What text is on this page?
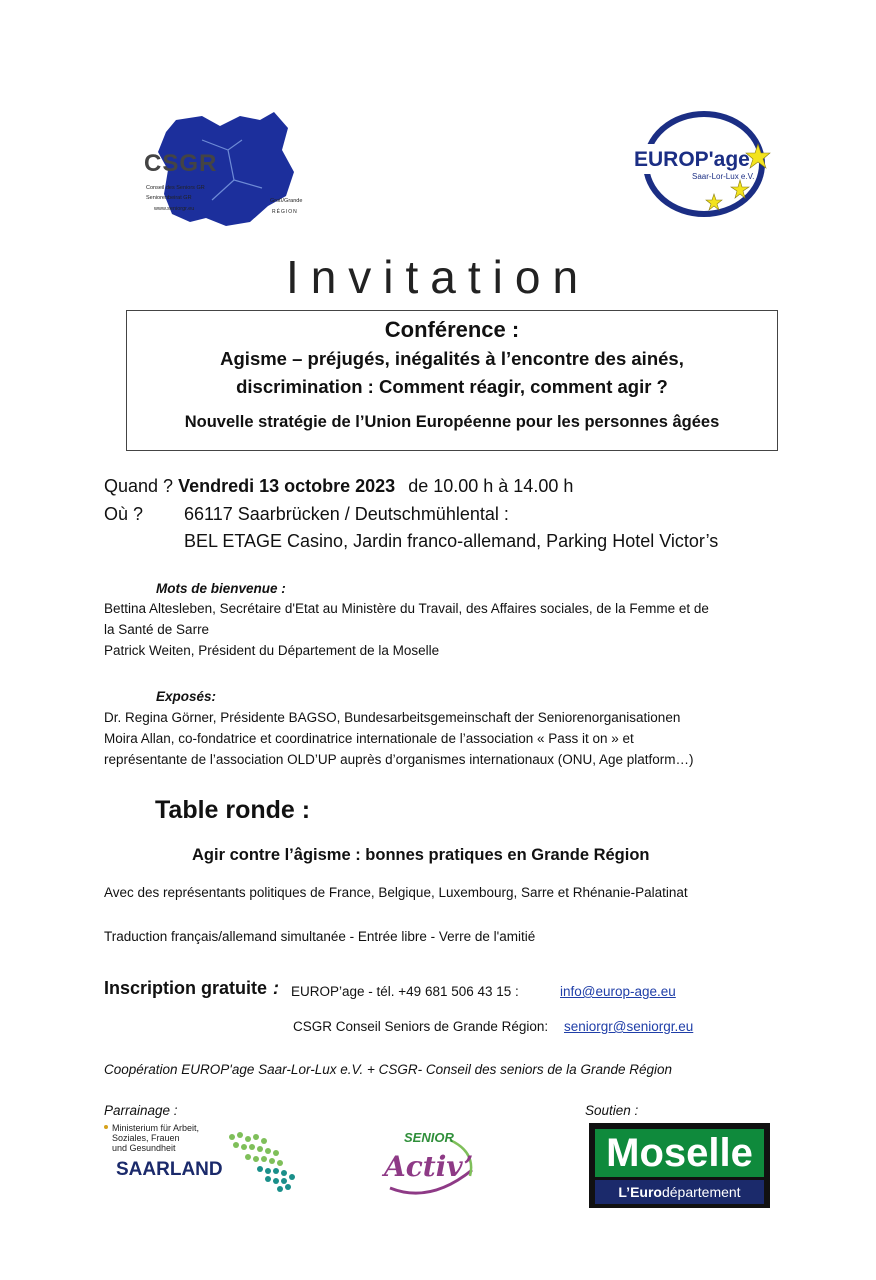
CSGR
Conseil des Seniors GR
Seniorenbeirat GR
www.seniorgr.eu
Groß/Grande
RÉGION
EUROP'age
Saar-Lor-Lux e.V.
Invitation
Conférence :
Agisme – préjugés, inégalités à l’encontre des ainés,
discrimination : Comment réagir, comment agir ?
Nouvelle stratégie de l’Union Européenne pour les personnes âgées
Quand ? Vendredi 13 octobre 2023 de 10.00 h à 14.00 h
Où ? 66117 Saarbrücken / Deutschmühlental :
BEL ETAGE Casino, Jardin franco-allemand, Parking Hotel Victor’s
Mots de bienvenue :
Bettina Altesleben, Secrétaire d'Etat au Ministère du Travail, des Affaires sociales, de la Femme et de
la Santé de Sarre
Patrick Weiten, Président du Département de la Moselle
Exposés:
Dr. Regina Görner, Présidente BAGSO, Bundesarbeitsgemeinschaft der Seniorenorganisationen
Moira Allan, co-fondatrice et coordinatrice internationale de l’association « Pass it on » et
représentante de l’association OLD’UP auprès d’organismes internationaux (ONU, Age platform…)
Table ronde :
Agir contre l’âgisme : bonnes pratiques en Grande Région
Avec des représentants politiques de France, Belgique, Luxembourg, Sarre et Rhénanie-Palatinat
Traduction français/allemand simultanée - Entrée libre - Verre de l'amitié
Inscription gratuite : EUROP’age - tél. +49 681 506 43 15 :	info@europ-age.eu
CSGR Conseil Seniors de Grande Région: seniorgr@seniorgr.eu
Coopération EUROP'age Saar-Lor-Lux e.V. + CSGR- Conseil des seniors de la Grande Région
Parrainage :	Soutien :
Ministerium für Arbeit,
Soziales, Frauen
und Gesundheit
SAARLAND
SENIOR
Activ’	Moselle
L’Eurodépartement
